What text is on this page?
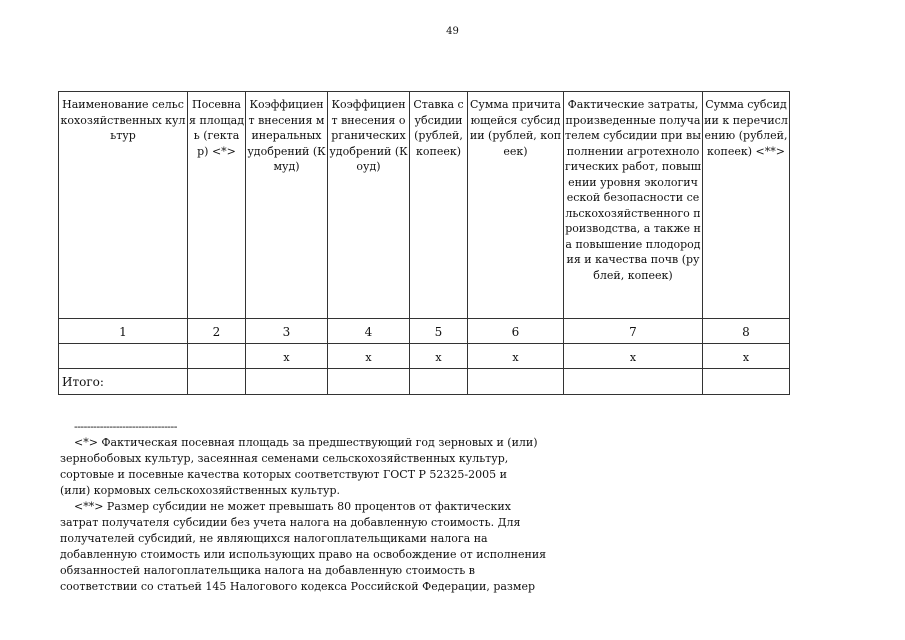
49
Наименование сельскохозяйственных культур	Посевная площадь (гектар) <*>	Коэффициент внесения минеральных удобрений (Кмуд)	Коэффициент внесения органических удобрений (Коуд)	Ставка субсидии (рублей, копеек)	Сумма причитающейся субсидии (рублей, копеек)	Фактические затраты, произведенные получателем субсидии при выполнении агротехнологических работ, повышении уровня экологической безопасности сельскохозяйственного производства, а также на повышение плодородия и качества почв (рублей, копеек)	Сумма субсидии к перечислению (рублей, копеек) <**>
1	2	3	4	5	6	7	8
		x	x	x	x	x	x
Итого:							

--------------------------------

<*> Фактическая посевная площадь за предшествующий год зерновых и (или)

зернобобовых культур, засеянная семенами сельскохозяйственных культур,

сортовые и посевные качества которых соответствуют ГОСТ Р 52325-2005 и

(или) кормовых сельскохозяйственных культур.

<**> Размер субсидии не может превышать 80 процентов от фактических

затрат получателя субсидии без учета налога на добавленную стоимость. Для

получателей субсидий, не являющихся налогоплательщиками налога на

добавленную стоимость или использующих право на освобождение от исполнения

обязанностей налогоплательщика налога на добавленную стоимость в

соответствии со статьей 145 Налогового кодекса Российской Федерации, размер
